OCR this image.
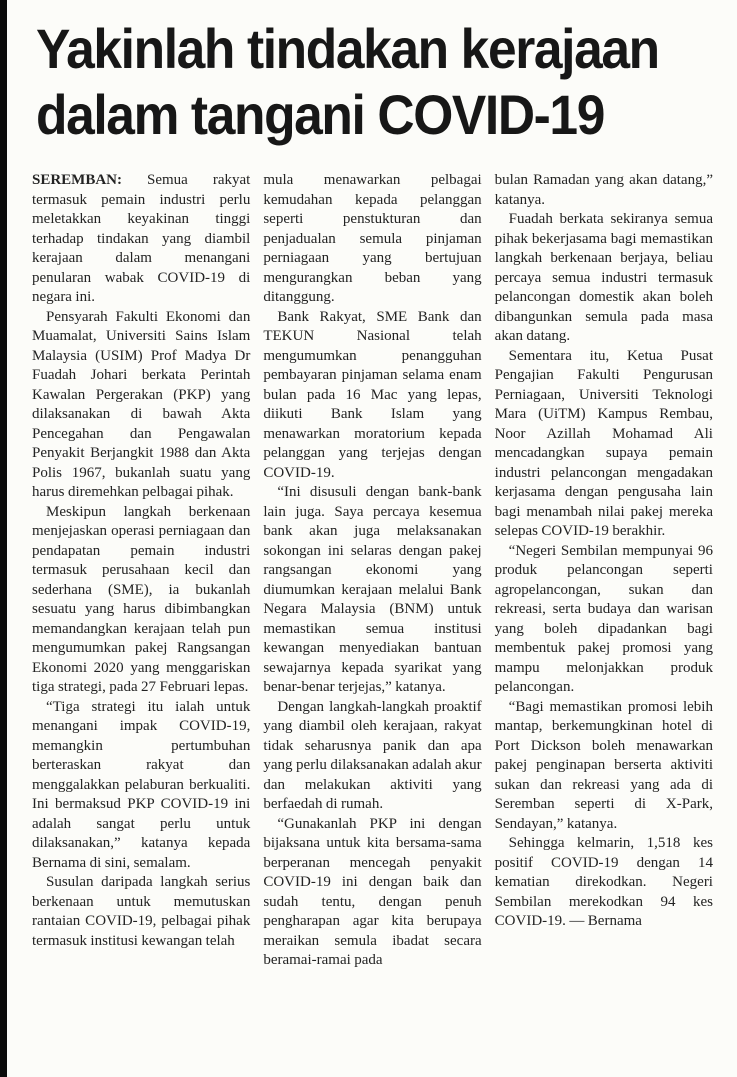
Yakinlah tindakan kerajaan
dalam tangani COVID-19

SEREMBAN: Semua rakyat termasuk pemain industri perlu meletakkan keyakinan tinggi terhadap tindakan yang diambil kerajaan dalam menangani penularan wabak COVID-19 di negara ini.

Pensyarah Fakulti Ekonomi dan Muamalat, Universiti Sains Islam Malaysia (USIM) Prof Madya Dr Fuadah Johari berkata Perintah Kawalan Pergerakan (PKP) yang dilaksanakan di bawah Akta Pencegahan dan Pengawalan Penyakit Berjangkit 1988 dan Akta Polis 1967, bukanlah suatu yang harus diremehkan pelbagai pihak.

Meskipun langkah berkenaan menjejaskan operasi perniagaan dan pendapatan pemain industri termasuk perusahaan kecil dan sederhana (SME), ia bukanlah sesuatu yang harus dibimbangkan memandangkan kerajaan telah pun mengumumkan pakej Rangsangan Ekonomi 2020 yang menggariskan tiga strategi, pada 27 Februari lepas.

“Tiga strategi itu ialah untuk menangani impak COVID-19, memangkin pertumbuhan berteraskan rakyat dan menggalakkan pelaburan berkualiti. Ini bermaksud PKP COVID-19 ini adalah sangat perlu untuk dilaksanakan,” katanya kepada Bernama di sini, semalam.

Susulan daripada langkah serius berkenaan untuk memutuskan rantaian COVID-19, pelbagai pihak termasuk institusi kewangan telah

mula menawarkan pelbagai kemudahan kepada pelanggan seperti penstukturan dan penjadualan semula pinjaman perniagaan yang bertujuan mengurangkan beban yang ditanggung.

Bank Rakyat, SME Bank dan TEKUN Nasional telah mengumumkan penangguhan pembayaran pinjaman selama enam bulan pada 16 Mac yang lepas, diikuti Bank Islam yang menawarkan moratorium kepada pelanggan yang terjejas dengan COVID-19.

“Ini disusuli dengan bank-bank lain juga. Saya percaya kesemua bank akan juga melaksanakan sokongan ini selaras dengan pakej rangsangan ekonomi yang diumumkan kerajaan melalui Bank Negara Malaysia (BNM) untuk memastikan semua institusi kewangan menyediakan bantuan sewajarnya kepada syarikat yang benar-benar terjejas,” katanya.

Dengan langkah-langkah proaktif yang diambil oleh kerajaan, rakyat tidak seharusnya panik dan apa yang perlu dilaksanakan adalah akur dan melakukan aktiviti yang berfaedah di rumah.

“Gunakanlah PKP ini dengan bijaksana untuk kita bersama-sama berperanan mencegah penyakit COVID-19 ini dengan baik dan sudah tentu, dengan penuh pengharapan agar kita berupaya meraikan semula ibadat secara beramai-ramai pada

bulan Ramadan yang akan datang,” katanya.

Fuadah berkata sekiranya semua pihak bekerjasama bagi memastikan langkah berkenaan berjaya, beliau percaya semua industri termasuk pelancongan domestik akan boleh dibangunkan semula pada masa akan datang.

Sementara itu, Ketua Pusat Pengajian Fakulti Pengurusan Perniagaan, Universiti Teknologi Mara (UiTM) Kampus Rembau, Noor Azillah Mohamad Ali mencadangkan supaya pemain industri pelancongan mengadakan kerjasama dengan pengusaha lain bagi menambah nilai pakej mereka selepas COVID-19 berakhir.

“Negeri Sembilan mempunyai 96 produk pelancongan seperti agropelancongan, sukan dan rekreasi, serta budaya dan warisan yang boleh dipadankan bagi membentuk pakej promosi yang mampu melonjakkan produk pelancongan.

“Bagi memastikan promosi lebih mantap, berkemungkinan hotel di Port Dickson boleh menawarkan pakej penginapan berserta aktiviti sukan dan rekreasi yang ada di Seremban seperti di X-Park, Sendayan,” katanya.

Sehingga kelmarin, 1,518 kes positif COVID-19 dengan 14 kematian direkodkan. Negeri Sembilan merekodkan 94 kes COVID-19. — Bernama
